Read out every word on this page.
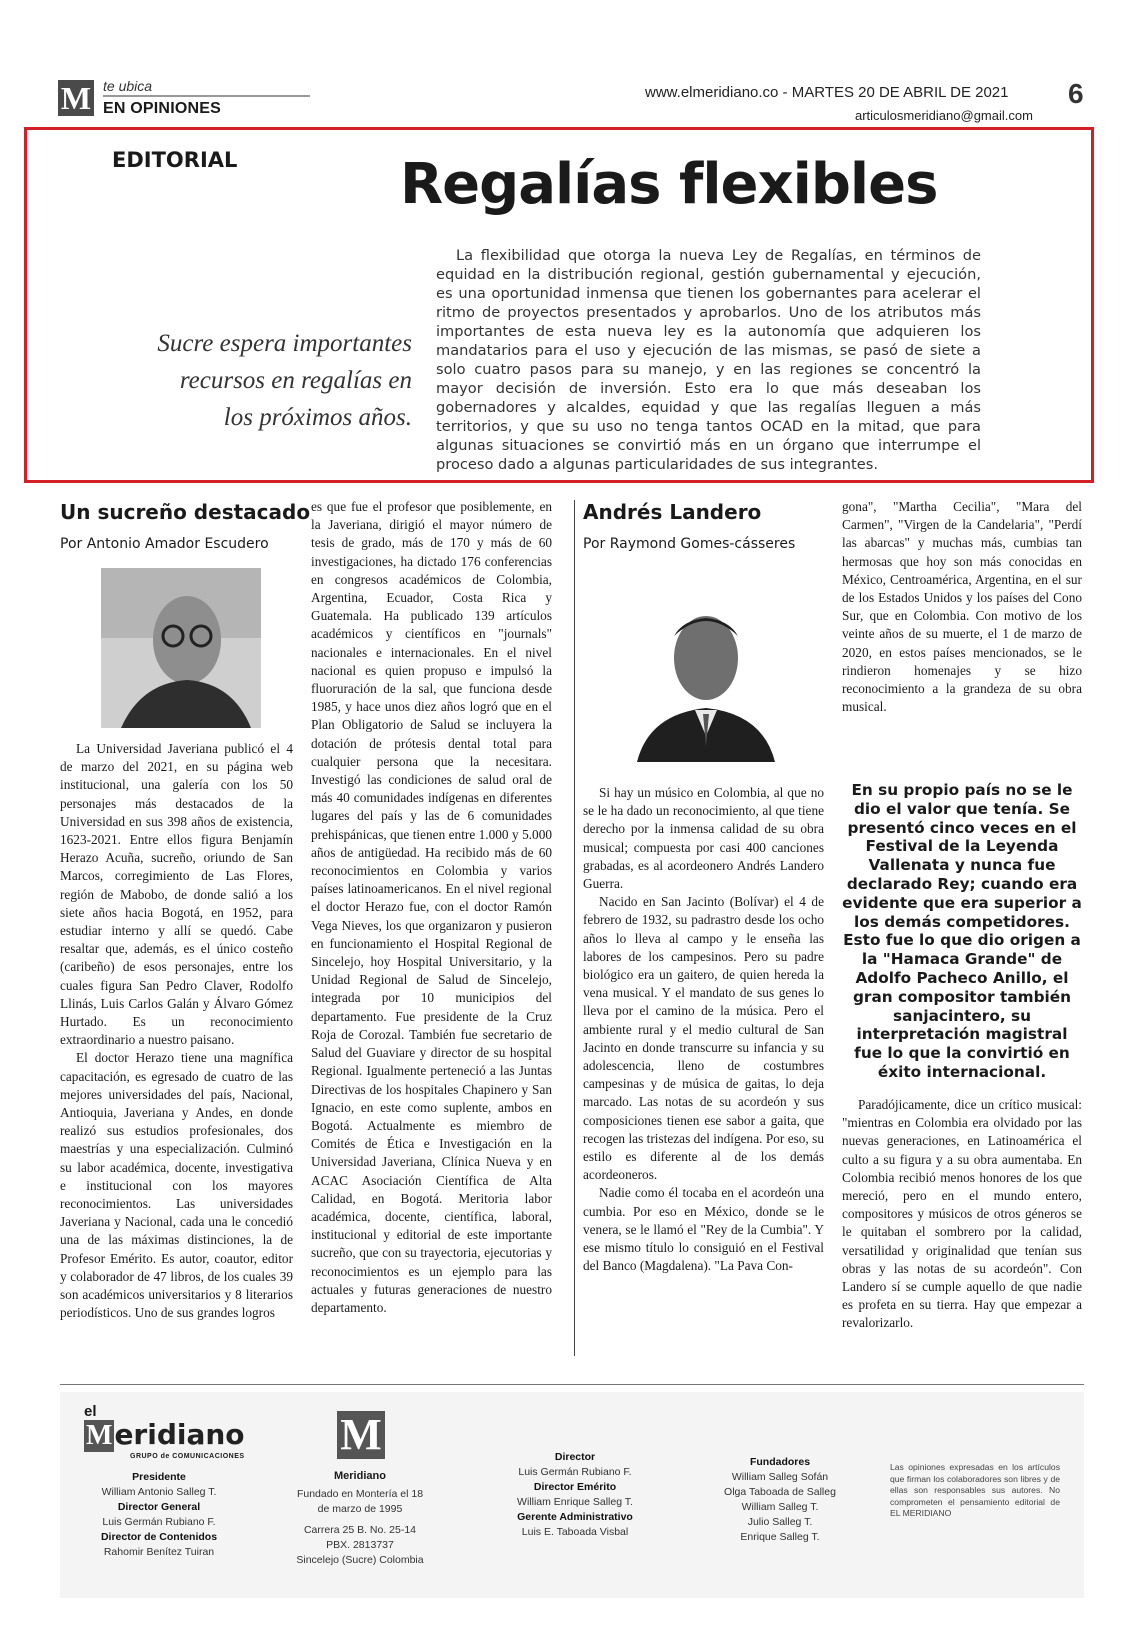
M te ubica
EN OPINIONES
www.elmeridiano.co - MARTES 20 DE ABRIL DE 2021
articulosmeridiano@gmail.com
6
EDITORIAL	Regalías flexibles
Sucre espera importantes recursos en regalías en los próximos años.
La flexibilidad que otorga la nueva Ley de Regalías, en términos de equidad en la distribución regional, gestión gubernamental y ejecución, es una oportunidad inmensa que tienen los gobernantes para acelerar el ritmo de proyectos presentados y aprobarlos. Uno de los atributos más importantes de esta nueva ley es la autonomía que adquieren los mandatarios para el uso y ejecución de las mismas, se pasó de siete a solo cuatro pasos para su manejo, y en las regiones se concentró la mayor decisión de inversión. Esto era lo que más deseaban los gobernadores y alcaldes, equidad y que las regalías lleguen a más territorios, y que su uso no tenga tantos OCAD en la mitad, que para algunas situaciones se convirtió más en un órgano que interrumpe el proceso dado a algunas particularidades de sus integrantes.
Un sucreño destacado
Por Antonio Amador Escudero

La Universidad Javeriana publicó el 4 de marzo del 2021, en su página web institucional, una galería con los 50 personajes más destacados de la Universidad en sus 398 años de existencia, 1623-2021. Entre ellos figura Benjamín Herazo Acuña, sucreño, oriundo de San Marcos, corregimiento de Las Flores, región de Mabobo, de donde salió a los siete años hacia Bogotá, en 1952, para estudiar interno y allí se quedó. Cabe resaltar que, además, es el único costeño (caribeño) de esos personajes, entre los cuales figura San Pedro Claver, Rodolfo Llinás, Luis Carlos Galán y Álvaro Gómez Hurtado. Es un reconocimiento extraordinario a nuestro paisano.

El doctor Herazo tiene una magnífica capacitación, es egresado de cuatro de las mejores universidades del país, Nacional, Antioquia, Javeriana y Andes, en donde realizó sus estudios profesionales, dos maestrías y una especialización. Culminó su labor académica, docente, investigativa e institucional con los mayores reconocimientos. Las universidades Javeriana y Nacional, cada una le concedió una de las máximas distinciones, la de Profesor Emérito. Es autor, coautor, editor y colaborador de 47 libros, de los cuales 39 son académicos universitarios y 8 literarios periodísticos. Uno de sus grandes logros

es que fue el profesor que posiblemente, en la Javeriana, dirigió el mayor número de tesis de grado, más de 170 y más de 60 investigaciones, ha dictado 176 conferencias en congresos académicos de Colombia, Argentina, Ecuador, Costa Rica y Guatemala. Ha publicado 139 artículos académicos y científicos en "journals" nacionales e internacionales. En el nivel nacional es quien propuso e impulsó la fluoruración de la sal, que funciona desde 1985, y hace unos diez años logró que en el Plan Obligatorio de Salud se incluyera la dotación de prótesis dental total para cualquier persona que la necesitara. Investigó las condiciones de salud oral de más 40 comunidades indígenas en diferentes lugares del país y las de 6 comunidades prehispánicas, que tienen entre 1.000 y 5.000 años de antigüedad. Ha recibido más de 60 reconocimientos en Colombia y varios países latinoamericanos. En el nivel regional el doctor Herazo fue, con el doctor Ramón Vega Nieves, los que organizaron y pusieron en funcionamiento el Hospital Regional de Sincelejo, hoy Hospital Universitario, y la Unidad Regional de Salud de Sincelejo, integrada por 10 municipios del departamento. Fue presidente de la Cruz Roja de Corozal. También fue secretario de Salud del Guaviare y director de su hospital Regional. Igualmente perteneció a las Juntas Directivas de los hospitales Chapinero y San Ignacio, en este como suplente, ambos en Bogotá. Actualmente es miembro de Comités de Ética e Investigación en la Universidad Javeriana, Clínica Nueva y en ACAC Asociación Científica de Alta Calidad, en Bogotá. Meritoria labor académica, docente, científica, laboral, institucional y editorial de este importante sucreño, que con su trayectoria, ejecutorias y reconocimientos es un ejemplo para las actuales y futuras generaciones de nuestro departamento.

Andrés Landero
Por Raymond Gomes-cásseres

Si hay un músico en Colombia, al que no se le ha dado un reconocimiento, al que tiene derecho por la inmensa calidad de su obra musical; compuesta por casi 400 canciones grabadas, es al acordeonero Andrés Landero Guerra.

Nacido en San Jacinto (Bolívar) el 4 de febrero de 1932, su padrastro desde los ocho años lo lleva al campo y le enseña las labores de los campesinos. Pero su padre biológico era un gaitero, de quien hereda la vena musical. Y el mandato de sus genes lo lleva por el camino de la música. Pero el ambiente rural y el medio cultural de San Jacinto en donde transcurre su infancia y su adolescencia, lleno de costumbres campesinas y de música de gaitas, lo deja marcado. Las notas de su acordeón y sus composiciones tienen ese sabor a gaita, que recogen las tristezas del indígena. Por eso, su estilo es diferente al de los demás acordeoneros.

Nadie como él tocaba en el acordeón una cumbia. Por eso en México, donde se le venera, se le llamó el "Rey de la Cumbia". Y ese mismo título lo consiguió en el Festival del Banco (Magdalena). "La Pava Con-

gona", "Martha Cecilia", "Mara del Carmen", "Virgen de la Candelaria", "Perdí las abarcas" y muchas más, cumbias tan hermosas que hoy son más conocidas en México, Centroamérica, Argentina, en el sur de los Estados Unidos y los países del Cono Sur, que en Colombia. Con motivo de los veinte años de su muerte, el 1 de marzo de 2020, en estos países mencionados, se le rindieron homenajes y se hizo reconocimiento a la grandeza de su obra musical.

En su propio país no se le dio el valor que tenía. Se presentó cinco veces en el Festival de la Leyenda Vallenata y nunca fue declarado Rey; cuando era evidente que era superior a los demás competidores. Esto fue lo que dio origen a la "Hamaca Grande" de Adolfo Pacheco Anillo, el gran compositor también sanjacintero, su interpretación magistral fue lo que la convirtió en éxito internacional.

Paradójicamente, dice un crítico musical: "mientras en Colombia era olvidado por las nuevas generaciones, en Latinoamérica el culto a su figura y a su obra aumentaba. En Colombia recibió menos honores de los que mereció, pero en el mundo entero, compositores y músicos de otros géneros se le quitaban el sombrero por la calidad, versatilidad y originalidad que tenían sus obras y las notas de su acordeón". Con Landero sí se cumple aquello de que nadie es profeta en su tierra. Hay que empezar a revalorizarlo.

el
Meridiano
GRUPO de COMUNICACIONES
Presidente
William Antonio Salleg T.
Director General
Luis Germán Rubiano F.
Director de Contenidos
Rahomir Benítez Tuiran
M
Meridiano
Fundado en Montería el 18 de marzo de 1995
Carrera 25 B. No. 25-14
PBX. 2813737
Sincelejo (Sucre) Colombia
Director
Luis Germán Rubiano F.
Director Emérito
William Enrique Salleg T.
Gerente Administrativo
Luis E. Taboada Visbal
Fundadores
William Salleg Sofán
Olga Taboada de Salleg
William Salleg T.
Julio Salleg T.
Enrique Salleg T.
Las opiniones expresadas en los artículos que firman los colaboradores son libres y de ellas son responsables sus autores. No comprometen el pensamiento editorial de EL MERIDIANO
